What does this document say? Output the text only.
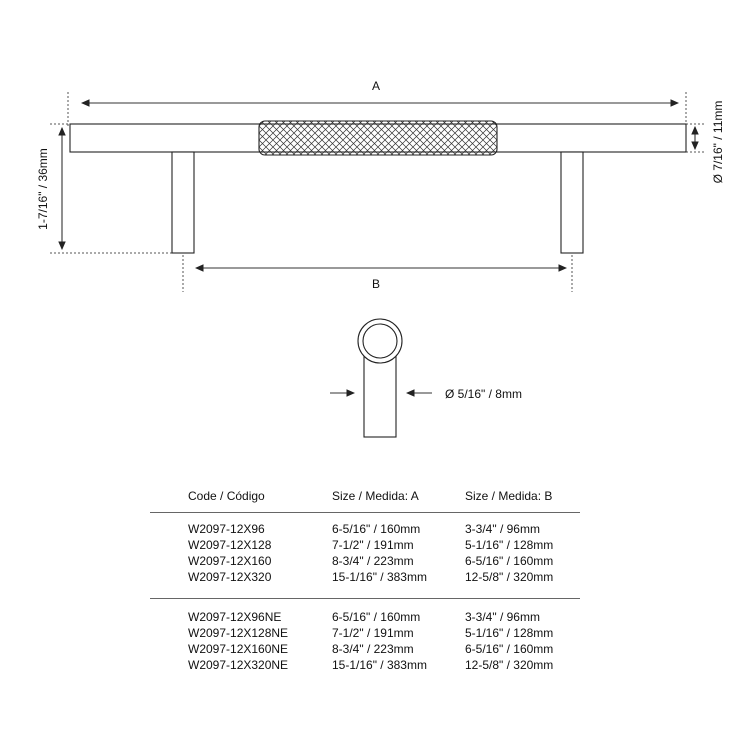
A
B
1-7/16" / 36mm
Ø 7/16" / 11mm
Ø 5/16" / 8mm
Code / Código	Size / Medida: A	Size / Medida: B
W2097-12X96	6-5/16" / 160mm	3-3/4" / 96mm
W2097-12X128	7-1/2" / 191mm	5-1/16" / 128mm
W2097-12X160	8-3/4" / 223mm	6-5/16" / 160mm
W2097-12X320	15-1/16" / 383mm	12-5/8" / 320mm
W2097-12X96NE	6-5/16" / 160mm	3-3/4" / 96mm
W2097-12X128NE	7-1/2" / 191mm	5-1/16" / 128mm
W2097-12X160NE	8-3/4" / 223mm	6-5/16" / 160mm
W2097-12X320NE	15-1/16" / 383mm	12-5/8" / 320mm
